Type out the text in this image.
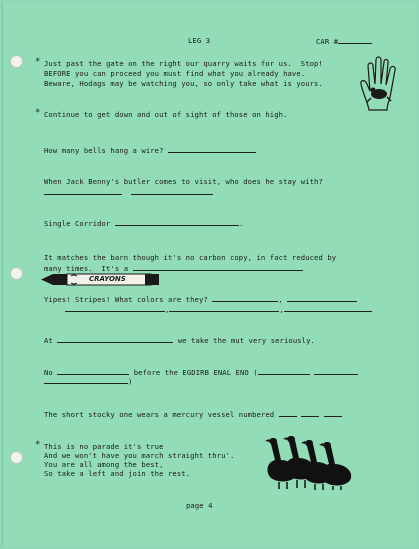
LEG 3	CAR #
* Just past the gate on the right our quarry waits for us.  Stop!
BEFORE you can proceed you must find what you already have.
Beware, Hodags may be watching you, so only take what is yours.
* Continue to get down and out of sight of those on high.
How many bells hang a wire?
When Jack Benny's butler comes to visit, who does he stay with?

Single Corridor	.
It matches the barn though it's no carbon copy, in fact reduced by
many times.  It's a
CRAYONS
Yipes! Stripes! What colors are they?	,
,	,
At	we take the mut very seriously.
No	before the EGDIRB ENAL ENO (
)
The short stocky one wears a mercury vessel numbered
* This is no parade it's true
And we won't have you march straight thru'.
You are all among the best,
So take a left and join the rest.
page 4
